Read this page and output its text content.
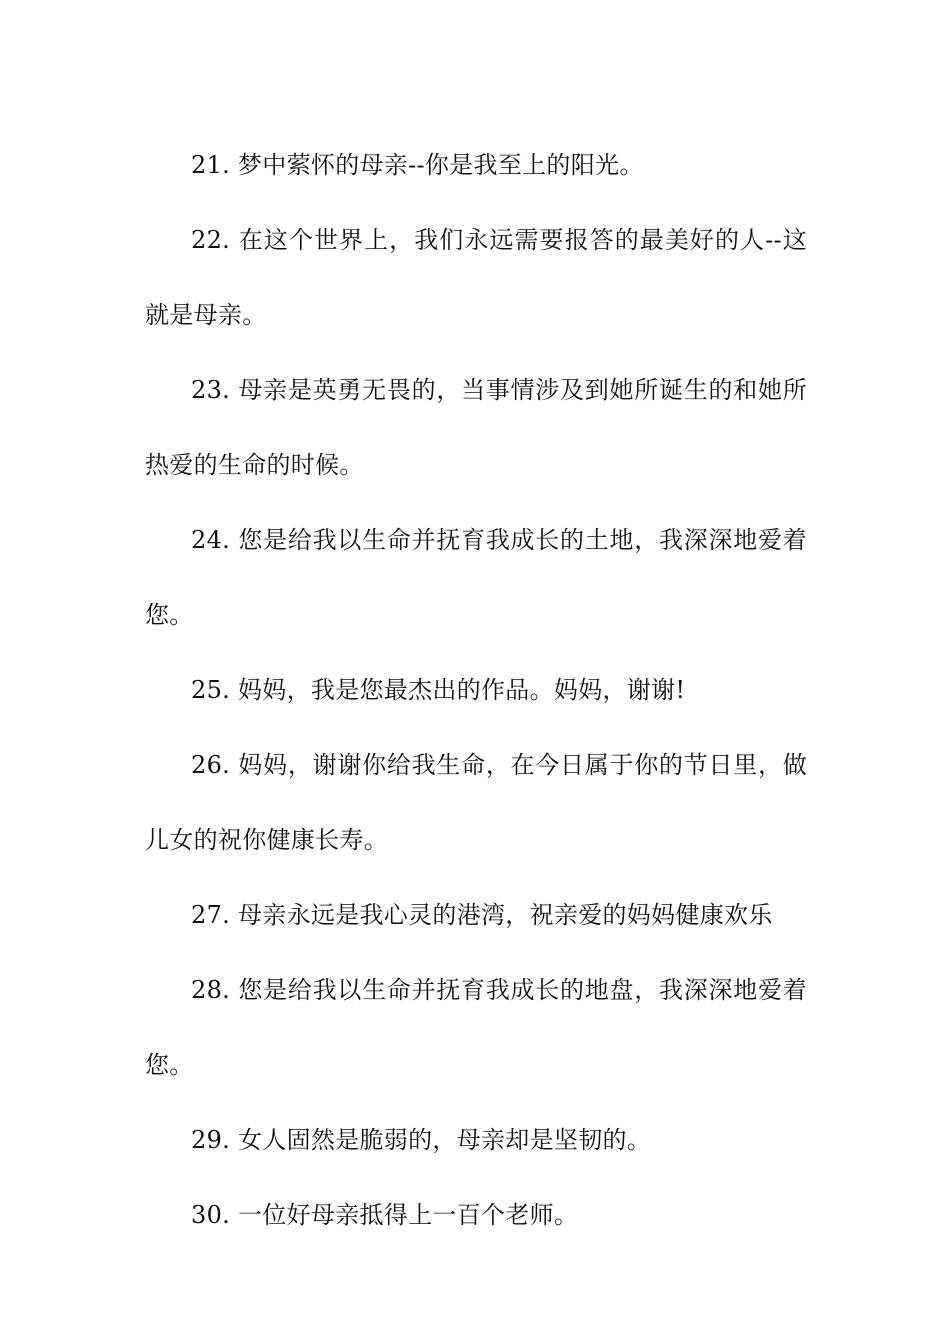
21. 梦中萦怀的母亲--你是我至上的阳光。

22. 在这个世界上，我们永远需要报答的最美好的人--这就是母亲。

23. 母亲是英勇无畏的，当事情涉及到她所诞生的和她所热爱的生命的时候。

24. 您是给我以生命并抚育我成长的土地，我深深地爱着您。

25. 妈妈，我是您最杰出的作品。妈妈，谢谢!

26. 妈妈，谢谢你给我生命，在今日属于你的节日里，做儿女的祝你健康长寿。

27. 母亲永远是我心灵的港湾，祝亲爱的妈妈健康欢乐

28. 您是给我以生命并抚育我成长的地盘，我深深地爱着您。

29. 女人固然是脆弱的，母亲却是坚韧的。

30. 一位好母亲抵得上一百个老师。
